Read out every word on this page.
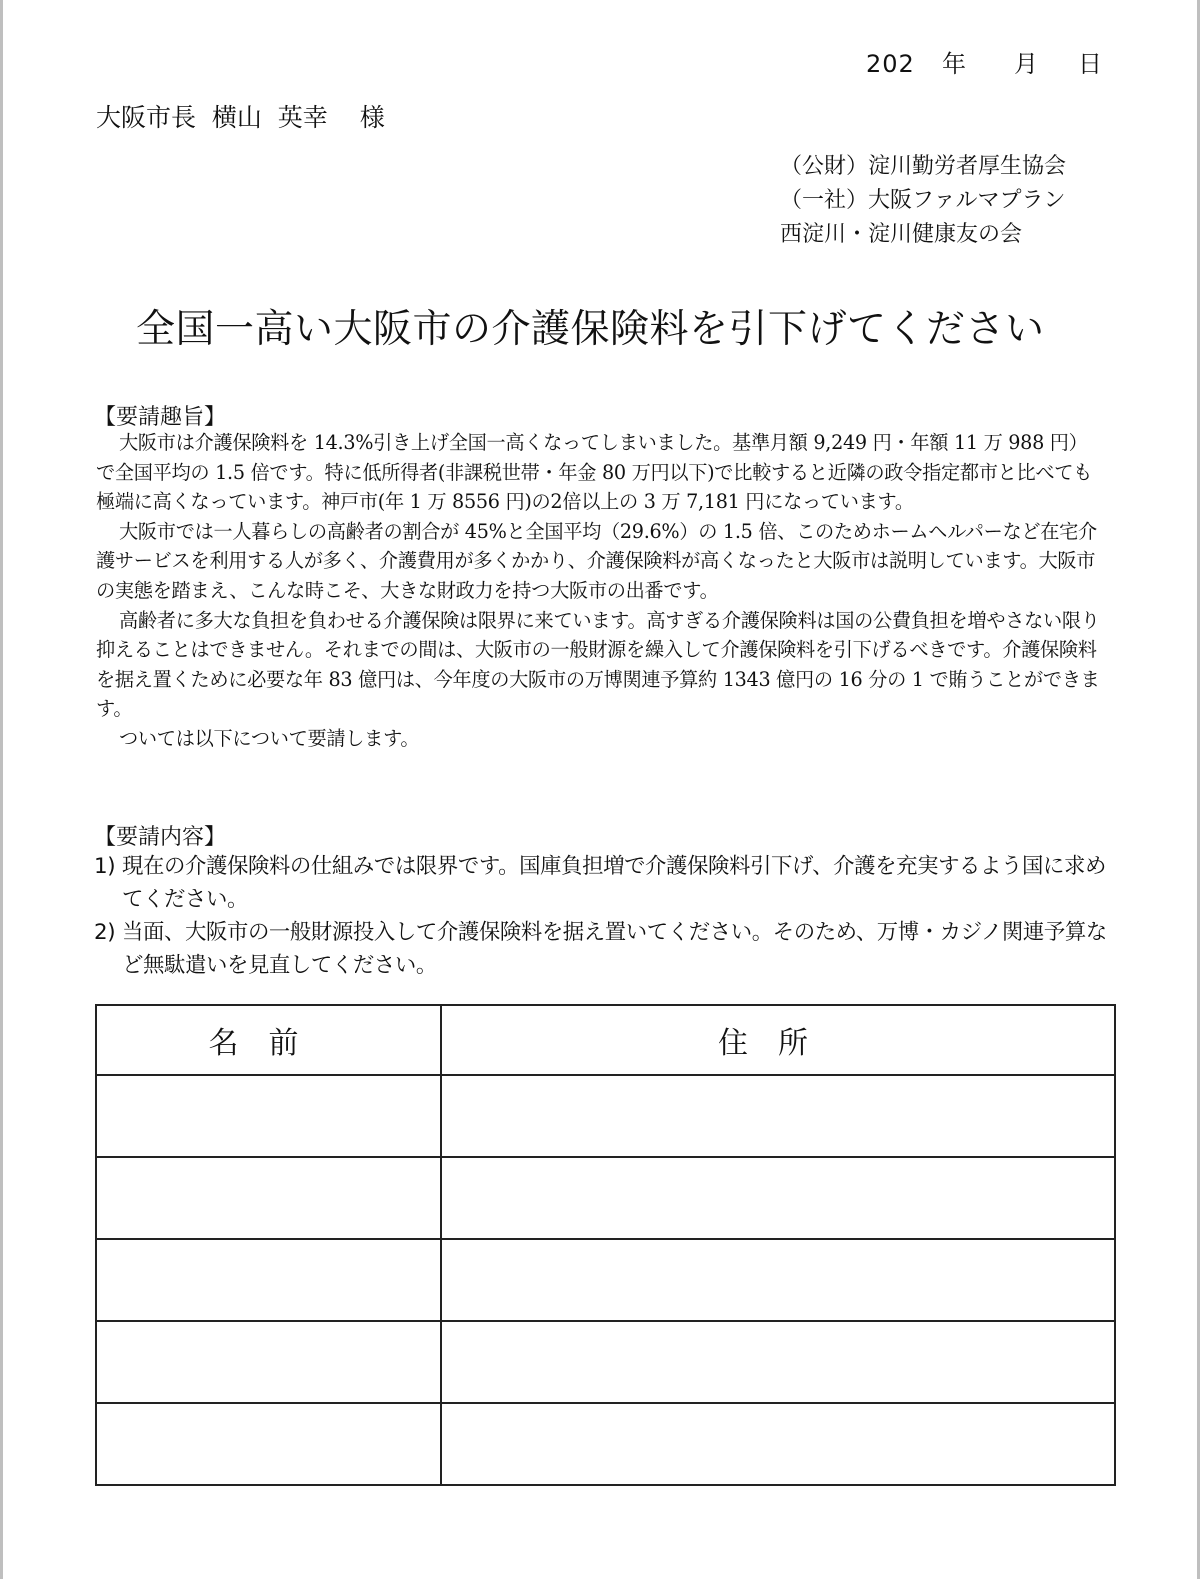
202 年 月 日
大阪市長  横山  英幸 様
（公財）淀川勤労者厚生協会
（一社）大阪ファルマプラン
西淀川・淀川健康友の会
全国一高い大阪市の介護保険料を引下げてください
【要請趣旨】

大阪市は介護保険料を 14.3%引き上げ全国一高くなってしまいました。基準月額 9,249 円・年額 11 万 988 円）で全国平均の 1.5 倍です。特に低所得者(非課税世帯・年金 80 万円以下)で比較すると近隣の政令指定都市と比べても極端に高くなっています。神戸市(年 1 万 8556 円)の2倍以上の 3 万 7,181 円になっています。

大阪市では一人暮らしの高齢者の割合が 45%と全国平均（29.6%）の 1.5 倍、このためホームヘルパーなど在宅介護サービスを利用する人が多く、介護費用が多くかかり、介護保険料が高くなったと大阪市は説明しています。大阪市の実態を踏まえ、こんな時こそ、大きな財政力を持つ大阪市の出番です。

高齢者に多大な負担を負わせる介護保険は限界に来ています。高すぎる介護保険料は国の公費負担を増やさない限り抑えることはできません。それまでの間は、大阪市の一般財源を繰入して介護保険料を引下げるべきです。介護保険料を据え置くために必要な年 83 億円は、今年度の大阪市の万博関連予算約 1343 億円の 16 分の 1 で賄うことができます。

ついては以下について要請します。

【要請内容】
1) 現在の介護保険料の仕組みでは限界です。国庫負担増で介護保険料引下げ、介護を充実するよう国に求めてください。
2) 当面、大阪市の一般財源投入して介護保険料を据え置いてください。そのため、万博・カジノ関連予算など無駄遣いを見直してください。
名前	住所
